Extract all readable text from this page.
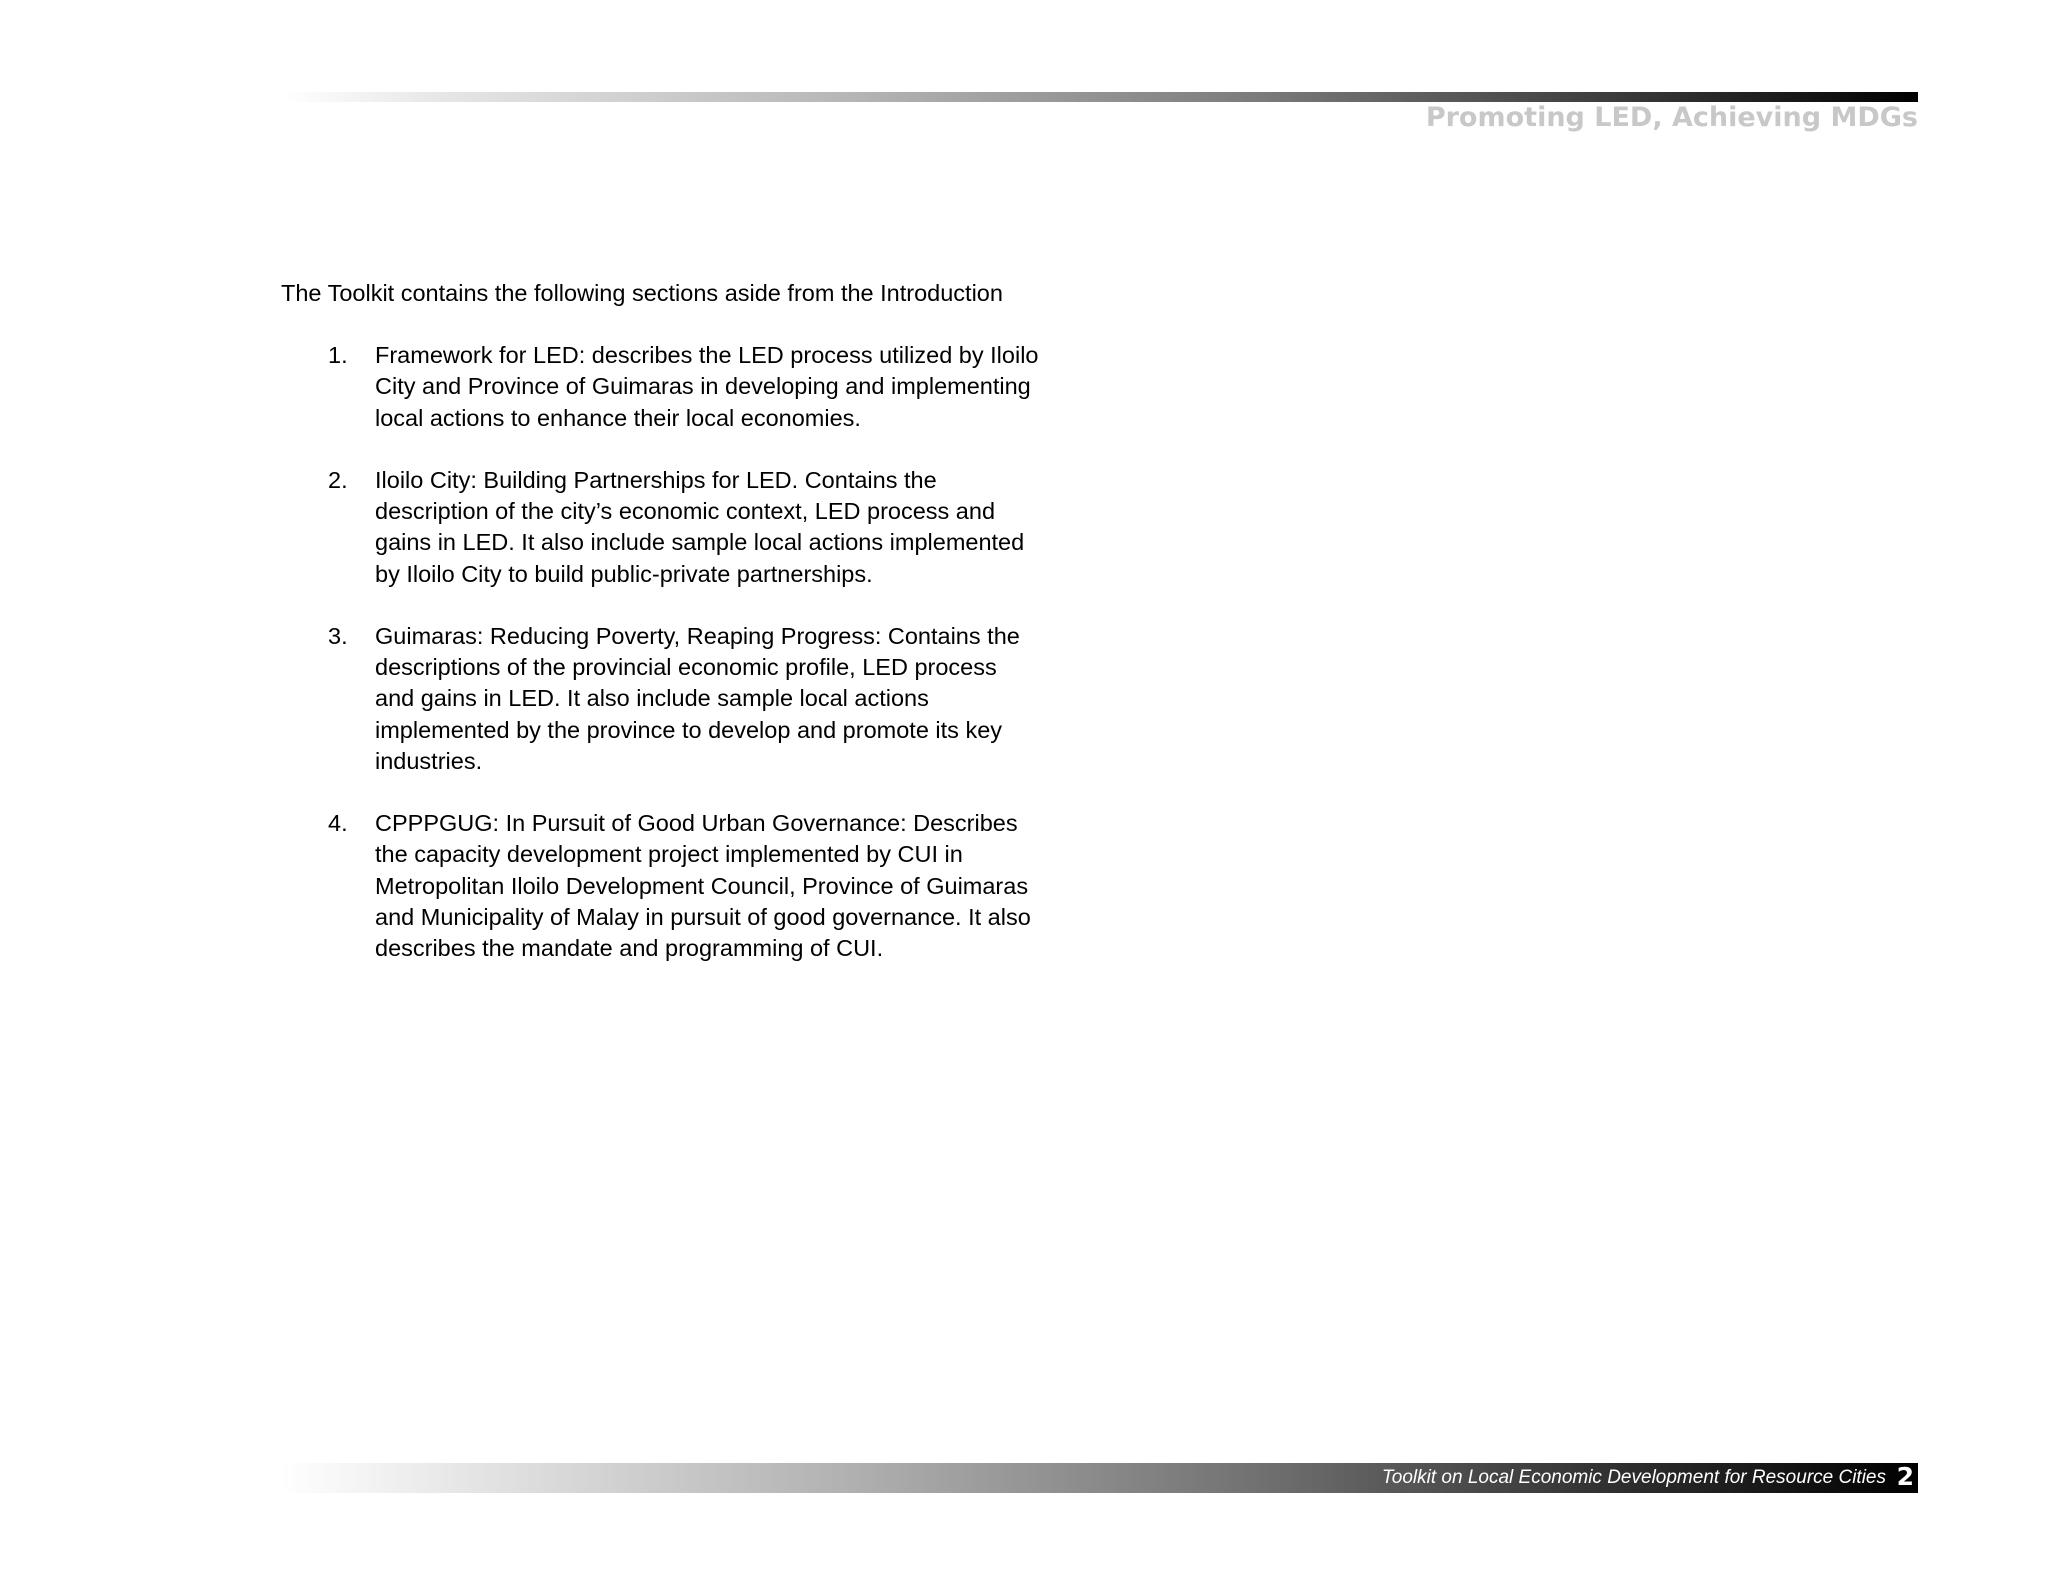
Promoting LED, Achieving MDGs

The Toolkit contains the following sections aside from the Introduction

1. Framework for LED: describes the LED process utilized by Iloilo
City and Province of Guimaras in developing and implementing
local actions to enhance their local economies.
2. Iloilo City: Building Partnerships for LED. Contains the
description of the city’s economic context, LED process and
gains in LED. It also include sample local actions implemented
by Iloilo City to build public-private partnerships.
3. Guimaras: Reducing Poverty, Reaping Progress: Contains the
descriptions of the provincial economic profile, LED process
and gains in LED. It also include sample local actions
implemented by the province to develop and promote its key
industries.
4. CPPPGUG: In Pursuit of Good Urban Governance: Describes
the capacity development project implemented by CUI in
Metropolitan Iloilo Development Council, Province of Guimaras
and Municipality of Malay in pursuit of good governance. It also
describes the mandate and programming of CUI.
Toolkit on Local Economic Development for Resource Cities 2
